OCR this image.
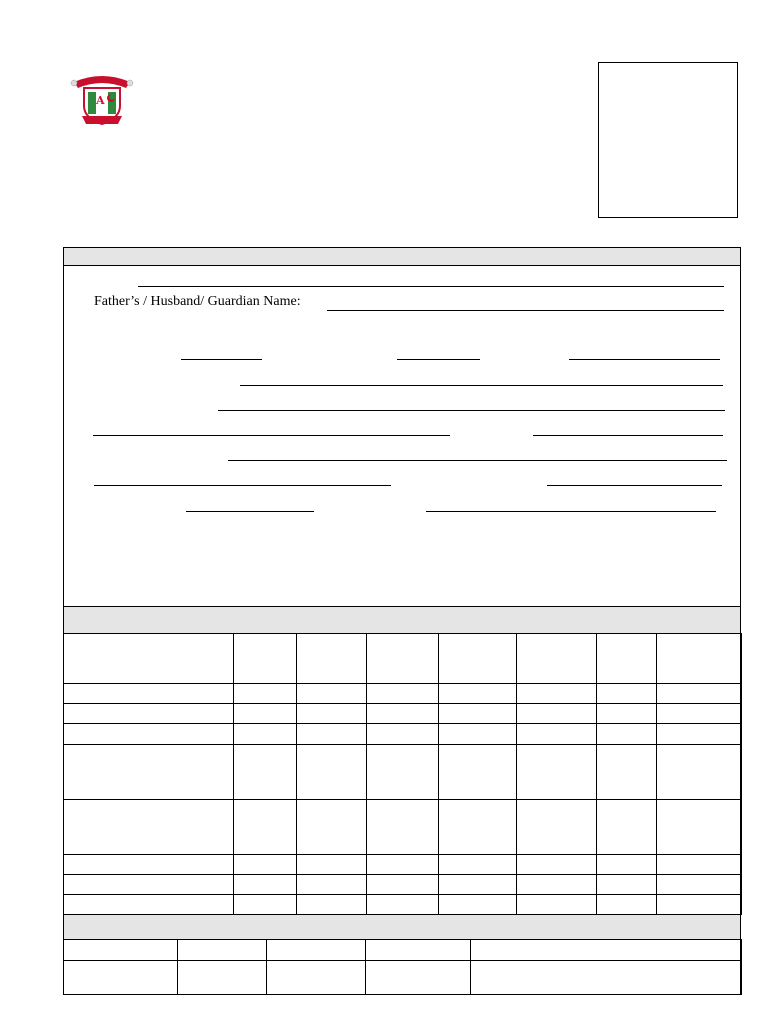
A
Father’s / Husband/ Guardian Name:
